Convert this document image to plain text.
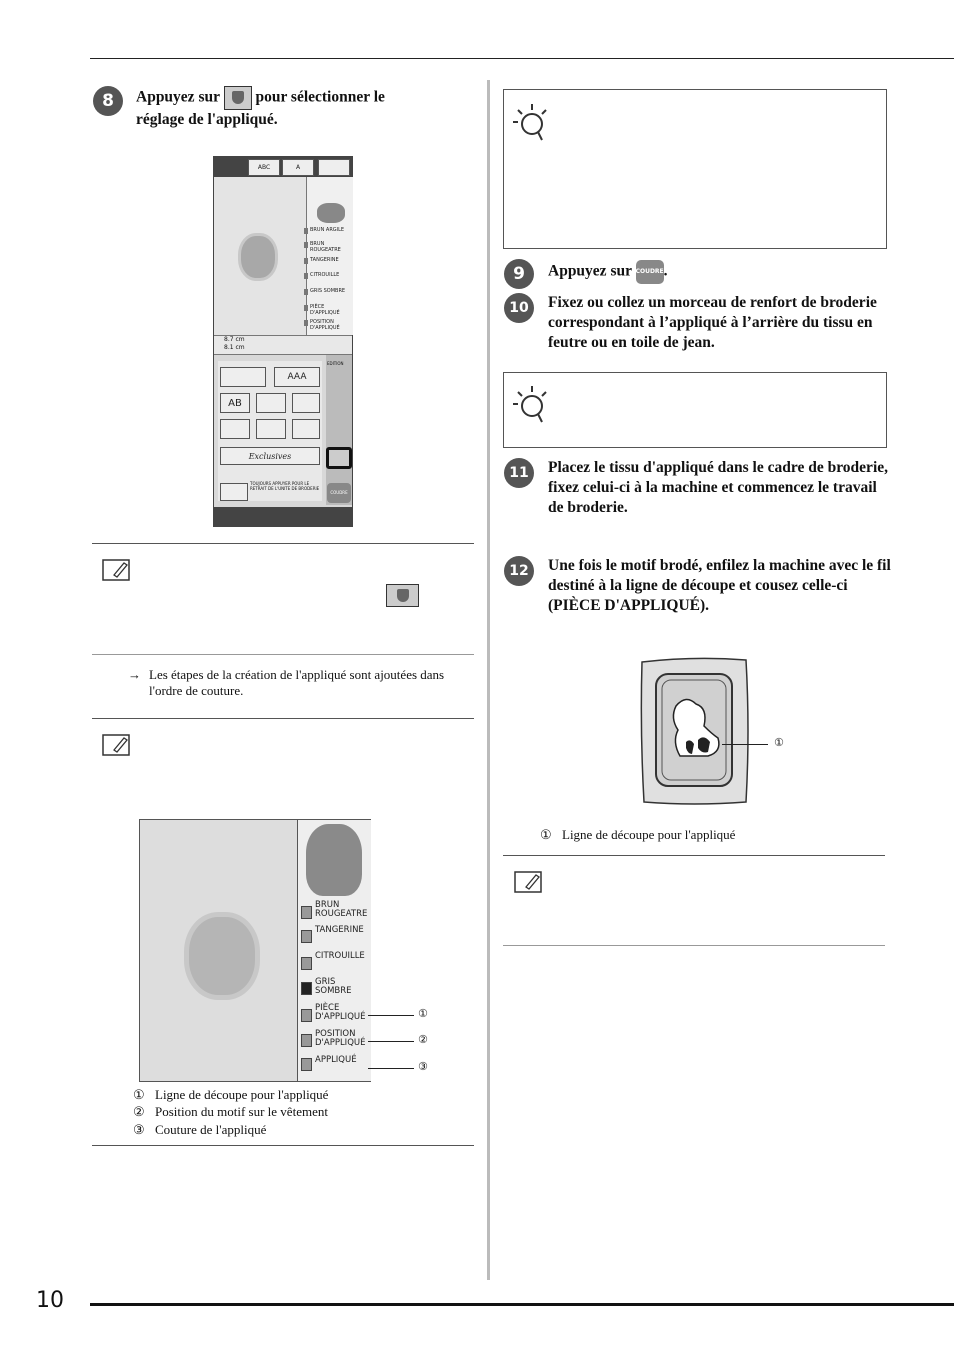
10
8	Appuyez sur pour sélectionner le
réglage de l'appliqué.
ABC	A
BRUN ARGILE
BRUN ROUGEATRE
TANGERINE
CITROUILLE
GRIS SOMBRE
PIÈCE D'APPLIQUÉ
POSITION D'APPLIQUÉ
8.7 cm
8.1 cm
AAA
AB
Exclusives
TOUJOURS APPUYER POUR LE RETRAIT DE L'UNITE DE BRODERIE
EDITION
COUDRE
→ Les étapes de la création de l'appliqué sont ajoutées dans l'ordre de couture.
BRUN ROUGEATRE
TANGERINE
CITROUILLE
GRIS SOMBRE
PIÈCE D'APPLIQUÉ
POSITION D'APPLIQUÉ
APPLIQUÉ
①
②
③
① Ligne de découpe pour l'appliqué
② Position du motif sur le vêtement
③ Couture de l'appliqué
9	Appuyez sur COUDRE.
10	Fixez ou collez un morceau de renfort de broderie correspondant à l’appliqué à l’arrière du tissu en feutre ou en toile de jean.
11	Placez le tissu d'appliqué dans le cadre de broderie, fixez celui-ci à la machine et commencez le travail de broderie.
12	Une fois le motif brodé, enfilez la machine avec le fil destiné à la ligne de découpe et cousez celle-ci (PIÈCE D'APPLIQUÉ).
①
① Ligne de découpe pour l'appliqué
